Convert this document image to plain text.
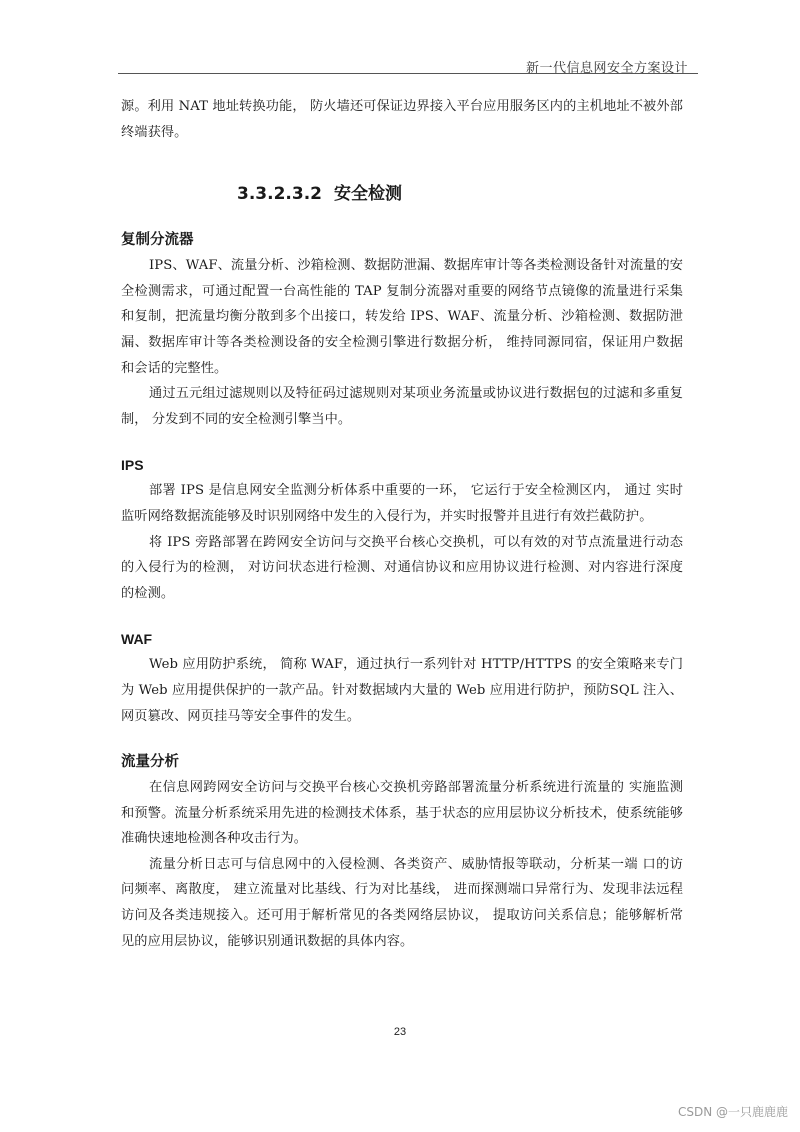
新一代信息网安全方案设计

源。利用 NAT 地址转换功能， 防火墙还可保证边界接入平台应用服务区内的主机地址不被外部终端获得。

3.3.2.3.2 安全检测
复制分流器

IPS、WAF、流量分析、沙箱检测、数据防泄漏、数据库审计等各类检测设备针对流量的安全检测需求，可通过配置一台高性能的 TAP 复制分流器对重要的网络节点镜像的流量进行采集和复制，把流量均衡分散到多个出接口，转发给 IPS、WAF、流量分析、沙箱检测、数据防泄漏、数据库审计等各类检测设备的安全检测引擎进行数据分析， 维持同源同宿，保证用户数据和会话的完整性。

通过五元组过滤规则以及特征码过滤规则对某项业务流量或协议进行数据包的过滤和多重复制， 分发到不同的安全检测引擎当中。

IPS

部署 IPS 是信息网安全监测分析体系中重要的一环， 它运行于安全检测区内， 通过 实时监听网络数据流能够及时识别网络中发生的入侵行为，并实时报警并且进行有效拦截防护。

将 IPS 旁路部署在跨网安全访问与交换平台核心交换机，可以有效的对节点流量进行动态的入侵行为的检测， 对访问状态进行检测、对通信协议和应用协议进行检测、对内容进行深度的检测。

WAF

Web 应用防护系统， 简称 WAF，通过执行一系列针对 HTTP/HTTPS 的安全策略来专门为 Web 应用提供保护的一款产品。针对数据域内大量的 Web 应用进行防护，预防SQL 注入、网页篡改、网页挂马等安全事件的发生。

流量分析

在信息网跨网安全访问与交换平台核心交换机旁路部署流量分析系统进行流量的 实施监测和预警。流量分析系统采用先进的检测技术体系，基于状态的应用层协议分析技术，使系统能够准确快速地检测各种攻击行为。

流量分析日志可与信息网中的入侵检测、各类资产、威胁情报等联动，分析某一端 口的访问频率、离散度， 建立流量对比基线、行为对比基线， 进而探测端口异常行为、发现非法远程访问及各类违规接入。还可用于解析常见的各类网络层协议， 提取访问关系信息；能够解析常见的应用层协议，能够识别通讯数据的具体内容。

23
CSDN @一只鹿鹿鹿
